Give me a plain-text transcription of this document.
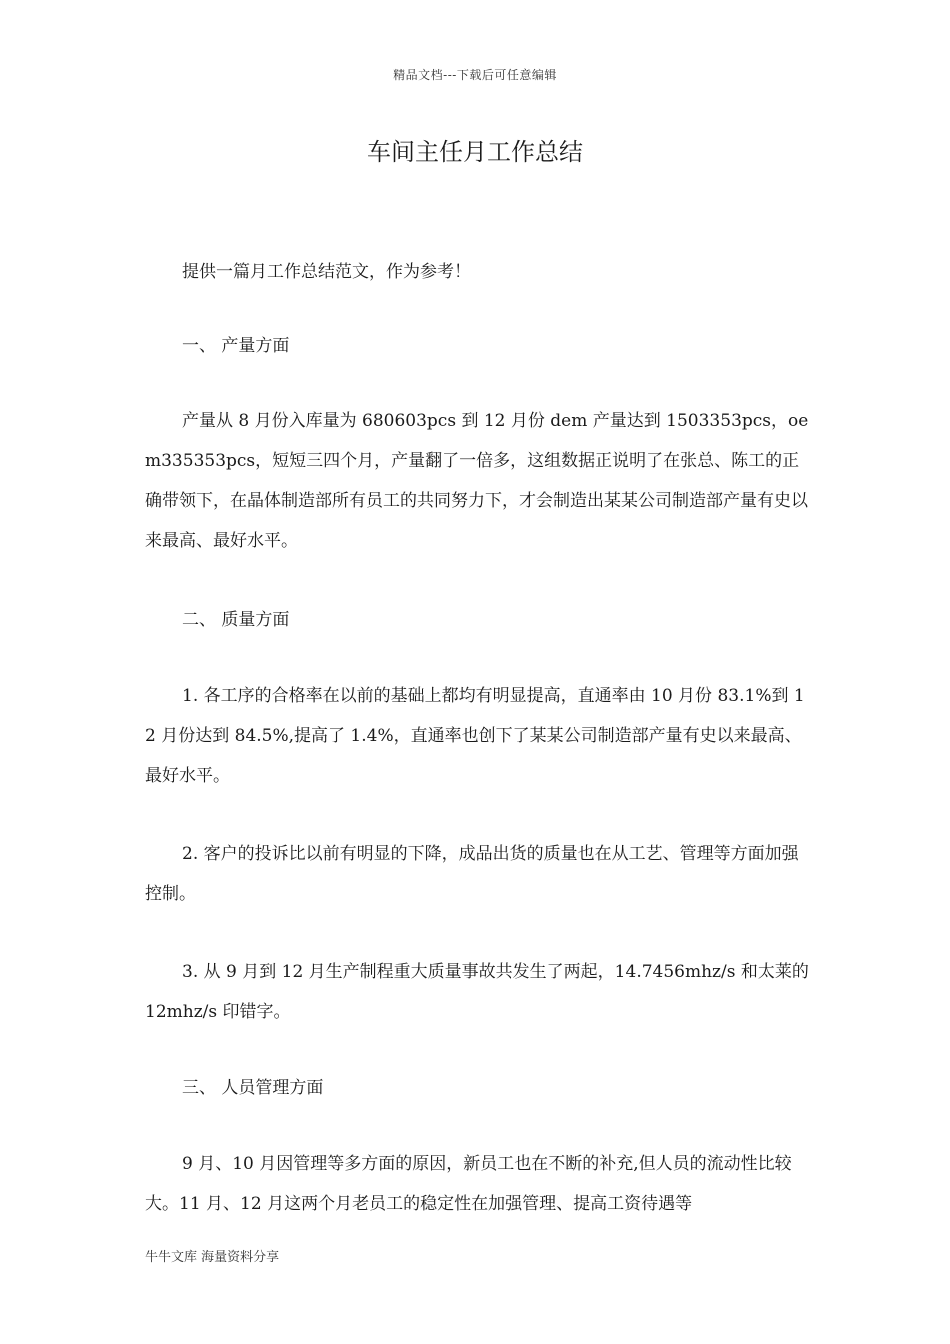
精品文档---下载后可任意编辑
车间主任月工作总结

提供一篇月工作总结范文，作为参考！

一、 产量方面

产量从 8 月份入库量为 680603pcs 到 12 月份 dem 产量达到 1503353pcs，oem335353pcs，短短三四个月，产量翻了一倍多，这组数据正说明了在张总、陈工的正确带领下，在晶体制造部所有员工的共同努力下，才会制造出某某公司制造部产量有史以来最高、最好水平。

二、 质量方面

1. 各工序的合格率在以前的基础上都均有明显提高，直通率由 10 月份 83.1%到 12 月份达到 84.5%,提高了 1.4%，直通率也创下了某某公司制造部产量有史以来最高、最好水平。

2. 客户的投诉比以前有明显的下降，成品出货的质量也在从工艺、管理等方面加强控制。

3. 从 9 月到 12 月生产制程重大质量事故共发生了两起，14.7456mhz/s 和太莱的 12mhz/s 印错字。

三、 人员管理方面

9 月、10 月因管理等多方面的原因，新员工也在不断的补充,但人员的流动性比较大。11 月、12 月这两个月老员工的稳定性在加强管理、提高工资待遇等

牛牛文库 海量资料分享
